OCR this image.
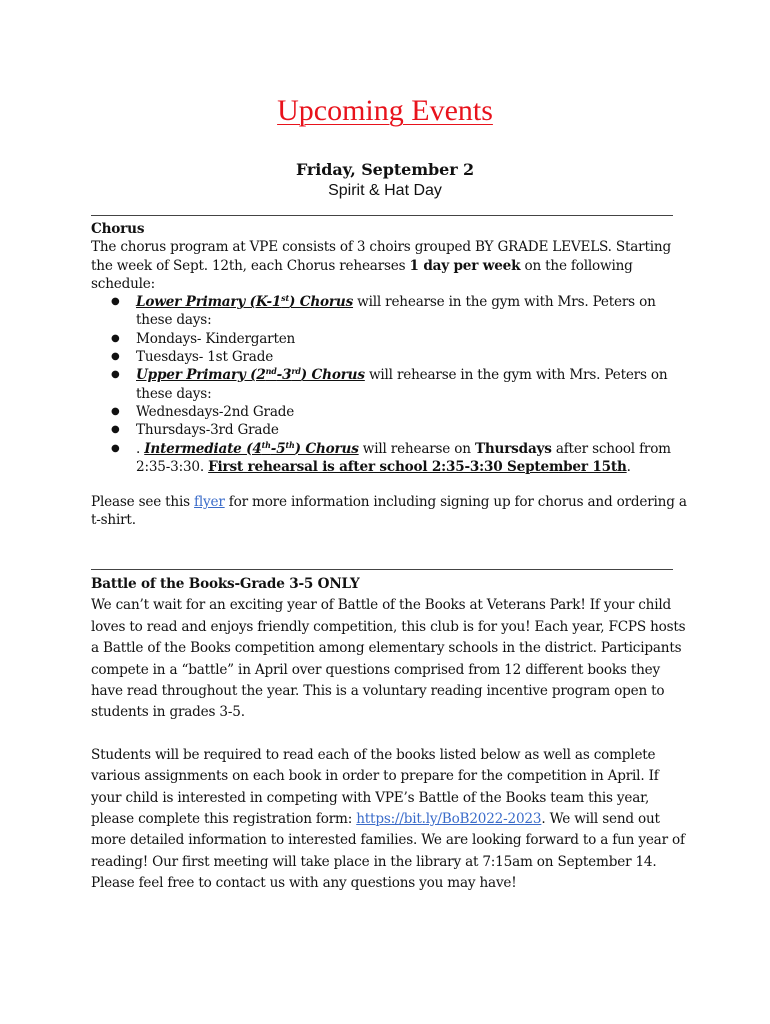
Upcoming Events
Friday, September 2
Spirit & Hat Day
Chorus
The chorus program at VPE consists of 3 choirs grouped BY GRADE LEVELS. Starting the week of Sept. 12th, each Chorus rehearses 1 day per week on the following schedule:
● Lower Primary (K-1st) Chorus will rehearse in the gym with Mrs. Peters on these days:
● Mondays- Kindergarten
● Tuesdays- 1st Grade
● Upper Primary (2nd-3rd) Chorus will rehearse in the gym with Mrs. Peters on these days:
● Wednesdays-2nd Grade
● Thursdays-3rd Grade
● . Intermediate (4th-5th) Chorus will rehearse on Thursdays after school from 2:35-3:30. First rehearsal is after school 2:35-3:30 September 15th.
Please see this flyer for more information including signing up for chorus and ordering a t-shirt.
Battle of the Books-Grade 3-5 ONLY
We can’t wait for an exciting year of Battle of the Books at Veterans Park! If your child loves to read and enjoys friendly competition, this club is for you! Each year, FCPS hosts a Battle of the Books competition among elementary schools in the district. Participants compete in a “battle” in April over questions comprised from 12 different books they have read throughout the year. This is a voluntary reading incentive program open to students in grades 3-5.
Students will be required to read each of the books listed below as well as complete various assignments on each book in order to prepare for the competition in April. If your child is interested in competing with VPE’s Battle of the Books team this year, please complete this registration form: https://bit.ly/BoB2022-2023. We will send out more detailed information to interested families. We are looking forward to a fun year of reading! Our first meeting will take place in the library at 7:15am on September 14. Please feel free to contact us with any questions you may have!
